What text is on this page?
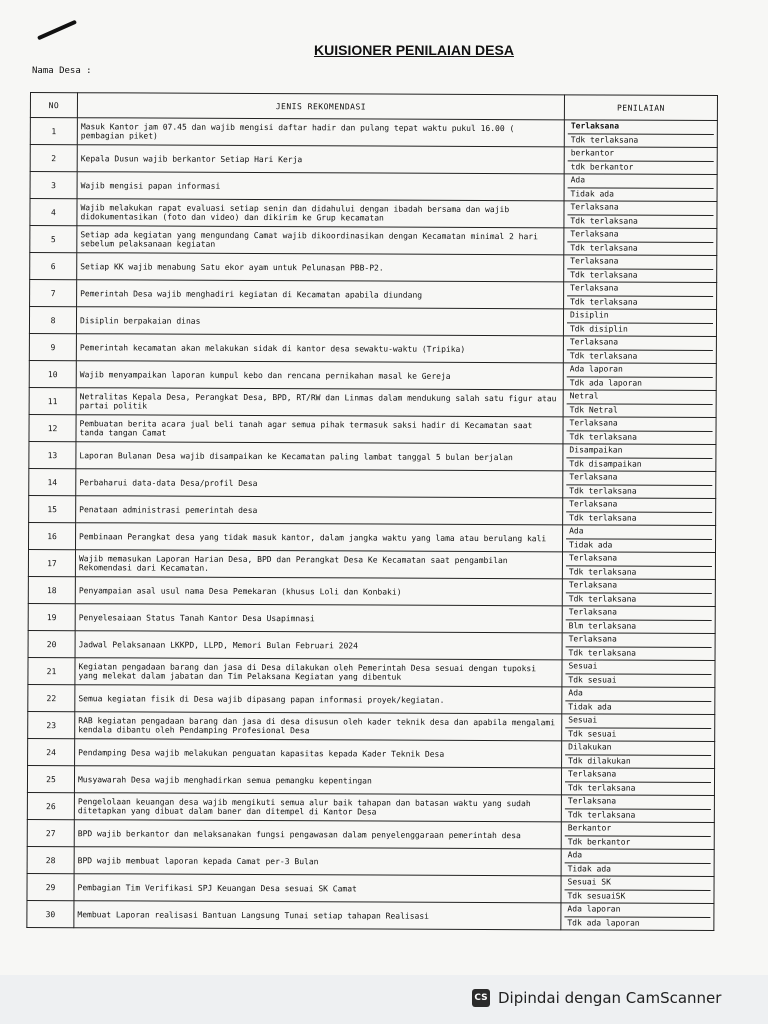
KUISIONER PENILAIAN DESA
Nama Desa :
NO	JENIS REKOMENDASI	PENILAIAN
1	Masuk Kantor jam 07.45 dan wajib mengisi daftar hadir dan pulang tepat waktu pukul 16.00 ( pembagian piket)	Terlaksana
Tdk terlaksana

2	Kepala Dusun wajib berkantor Setiap Hari Kerja	berkantor
tdk berkantor

3	Wajib mengisi papan informasi	Ada
Tidak ada

4	Wajib melakukan rapat evaluasi setiap senin dan didahului dengan ibadah bersama dan wajib didokumentasikan (foto dan video) dan dikirim ke Grup kecamatan	Terlaksana
Tdk terlaksana

5	Setiap ada kegiatan yang mengundang Camat wajib dikoordinasikan dengan Kecamatan minimal 2 hari sebelum pelaksanaan kegiatan	Terlaksana
Tdk terlaksana

6	Setiap KK wajib menabung Satu ekor ayam untuk Pelunasan PBB-P2.	Terlaksana
Tdk terlaksana

7	Pemerintah Desa wajib menghadiri kegiatan di Kecamatan apabila diundang	Terlaksana
Tdk terlaksana

8	Disiplin berpakaian dinas	Disiplin
Tdk disiplin

9	Pemerintah kecamatan akan melakukan sidak di kantor desa sewaktu-waktu (Tripika)	Terlaksana
Tdk terlaksana

10	Wajib menyampaikan laporan kumpul kebo dan rencana pernikahan masal ke Gereja	Ada laporan
Tdk ada laporan

11	Netralitas Kepala Desa, Perangkat Desa, BPD, RT/RW dan Linmas dalam mendukung salah satu figur atau partai politik	Netral
Tdk Netral

12	Pembuatan berita acara jual beli tanah agar semua pihak termasuk saksi hadir di Kecamatan saat tanda tangan Camat	Terlaksana
Tdk terlaksana

13	Laporan Bulanan Desa wajib disampaikan ke Kecamatan paling lambat tanggal 5 bulan berjalan	Disampaikan
Tdk disampaikan

14	Perbaharui data-data Desa/profil Desa	Terlaksana
Tdk terlaksana

15	Penataan administrasi pemerintah desa	Terlaksana
Tdk terlaksana

16	Pembinaan Perangkat desa yang tidak masuk kantor, dalam jangka waktu yang lama atau berulang kali	Ada
Tidak ada

17	Wajib memasukan Laporan Harian Desa, BPD dan Perangkat Desa Ke Kecamatan saat pengambilan Rekomendasi dari Kecamatan.	Terlaksana
Tdk terlaksana

18	Penyampaian asal usul nama Desa Pemekaran (khusus Loli dan Konbaki)	Terlaksana
Tdk terlaksana

19	Penyelesaiaan Status Tanah Kantor Desa Usapimnasi	Terlaksana
Blm terlaksana

20	Jadwal Pelaksanaan LKKPD, LLPD, Memori Bulan Februari 2024	Terlaksana
Tdk terlaksana

21	Kegiatan pengadaan barang dan jasa di Desa dilakukan oleh Pemerintah Desa sesuai dengan tupoksi yang melekat dalam jabatan dan Tim Pelaksana Kegiatan yang dibentuk	Sesuai
Tdk sesuai

22	Semua kegiatan fisik di Desa wajib dipasang papan informasi proyek/kegiatan.	Ada
Tidak ada

23	RAB kegiatan pengadaan barang dan jasa di desa disusun oleh kader teknik desa dan apabila mengalami kendala dibantu oleh Pendamping Profesional Desa	Sesuai
Tdk sesuai

24	Pendamping Desa wajib melakukan penguatan kapasitas kepada Kader Teknik Desa	Dilakukan
Tdk dilakukan

25	Musyawarah Desa wajib menghadirkan semua pemangku kepentingan	Terlaksana
Tdk terlaksana

26	Pengelolaan keuangan desa wajib mengikuti semua alur baik tahapan dan batasan waktu yang sudah ditetapkan yang dibuat dalam baner dan ditempel di Kantor Desa	Terlaksana
Tdk terlaksana

27	BPD wajib berkantor dan melaksanakan fungsi pengawasan dalam penyelenggaraan pemerintah desa	Berkantor
Tdk berkantor

28	BPD wajib membuat laporan kepada Camat per-3 Bulan	Ada
Tidak ada

29	Pembagian Tim Verifikasi SPJ Keuangan Desa sesuai SK Camat	Sesuai SK
Tdk sesuaiSK

30	Membuat Laporan realisasi Bantuan Langsung Tunai setiap tahapan Realisasi	Ada laporan
Tdk ada laporan
CS Dipindai dengan CamScanner
